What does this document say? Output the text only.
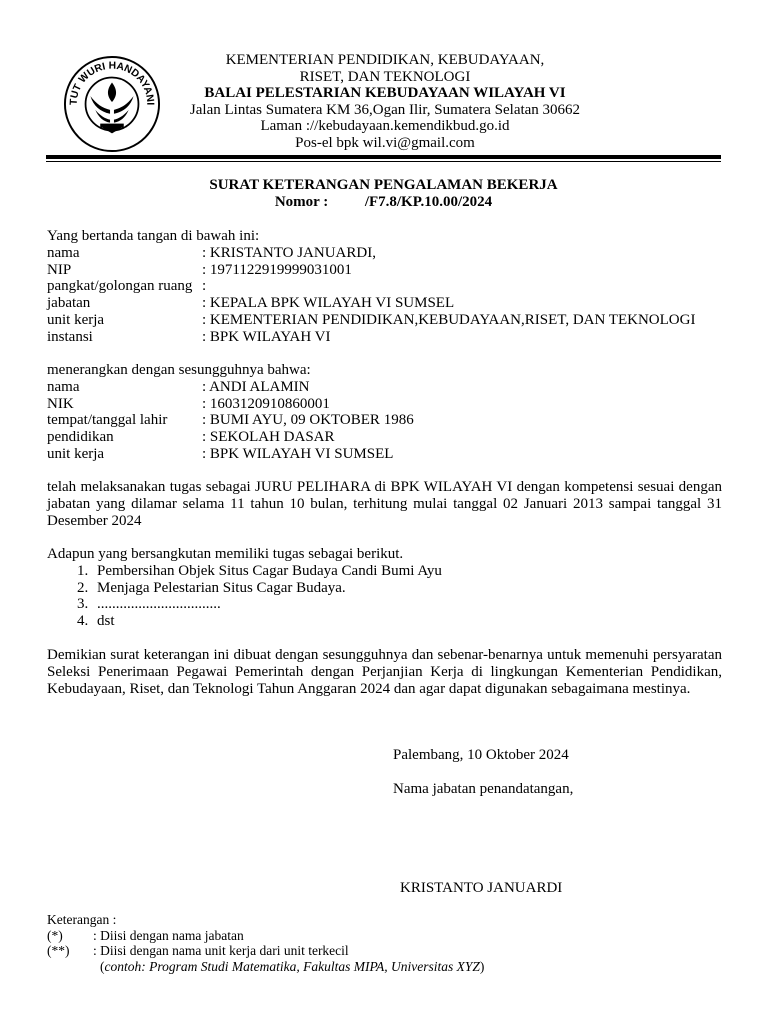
TUT WURI HANDAYANI
KEMENTERIAN PENDIDIKAN, KEBUDAYAAN,
RISET, DAN TEKNOLOGI
BALAI PELESTARIAN KEBUDAYAAN WILAYAH VI
Jalan Lintas Sumatera KM 36,Ogan Ilir, Sumatera Selatan 30662
Laman ://kebudayaan.kemendikbud.go.id
Pos-el bpk wil.vi@gmail.com
SURAT KETERANGAN PENGALAMAN BEKERJA
Nomor : /F7.8/KP.10.00/2024
Yang bertanda tangan di bawah ini:
nama	: KRISTANTO JANUARDI,
NIP	: 1971122919999031001
pangkat/golongan ruang :
jabatan	: KEPALA BPK WILAYAH VI SUMSEL
unit kerja	: KEMENTERIAN PENDIDIKAN,KEBUDAYAAN,RISET, DAN TEKNOLOGI
instansi	: BPK WILAYAH VI
menerangkan dengan sesungguhnya bahwa:
nama	: ANDI ALAMIN
NIK	: 1603120910860001
tempat/tanggal lahir	: BUMI AYU, 09 OKTOBER 1986
pendidikan	: SEKOLAH DASAR
unit kerja	: BPK WILAYAH VI SUMSEL
telah melaksanakan tugas sebagai JURU PELIHARA di BPK WILAYAH VI dengan kompetensi sesuai dengan jabatan yang dilamar selama 11 tahun 10 bulan, terhitung mulai tanggal 02 Januari 2013 sampai tanggal 31 Desember 2024
Adapun yang bersangkutan memiliki tugas sebagai berikut.
1. Pembersihan Objek Situs Cagar Budaya Candi Bumi Ayu
2. Menjaga Pelestarian Situs Cagar Budaya.
3. .................................
4. dst
Demikian surat keterangan ini dibuat dengan sesungguhnya dan sebenar-benarnya untuk memenuhi persyaratan Seleksi Penerimaan Pegawai Pemerintah dengan Perjanjian Kerja di lingkungan Kementerian Pendidikan, Kebudayaan, Riset, dan Teknologi Tahun Anggaran 2024 dan agar dapat digunakan sebagaimana mestinya.
Palembang, 10 Oktober 2024
Nama jabatan penandatangan,
KRISTANTO JANUARDI
Keterangan :
(*)	: Diisi dengan nama jabatan
(**)	: Diisi dengan nama unit kerja dari unit terkecil
(contoh: Program Studi Matematika, Fakultas MIPA, Universitas XYZ)
